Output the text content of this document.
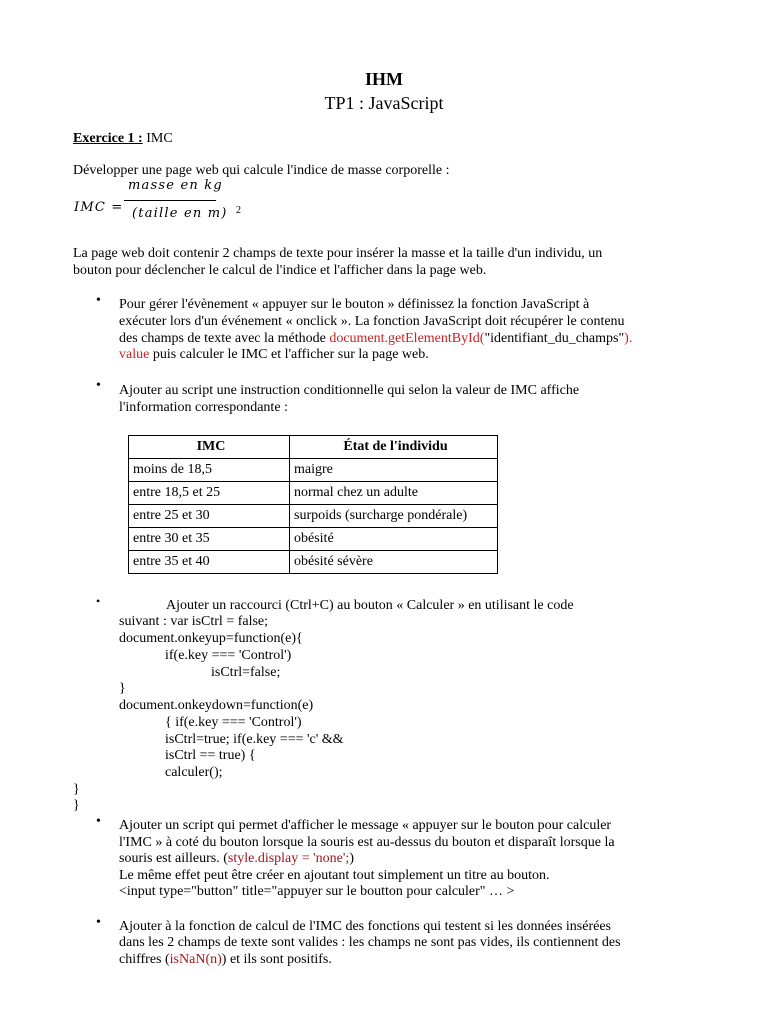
IHM
TP1 : JavaScript
Exercice 1 : IMC
Développer une page web qui calcule l'indice de masse corporelle :
IMC =
masse en kg
(taille en m) 2
La page web doit contenir 2 champs de texte pour insérer la masse et la taille d'un individu, un
bouton pour déclencher le calcul de l'indice et l'afficher dans la page web.
• Pour gérer l'évènement « appuyer sur le bouton » définissez la fonction JavaScript à
exécuter lors d'un événement « onclick ». La fonction JavaScript doit récupérer le contenu
des champs de texte avec la méthode document.getElementById("identifiant_du_champs").
value puis calculer le IMC et l'afficher sur la page web.
• Ajouter au script une instruction conditionnelle qui selon la valeur de IMC affiche
l'information correspondante :
IMC	État de l'individu
moins de 18,5	maigre
entre 18,5 et 25	normal chez un adulte
entre 25 et 30	surpoids (surcharge pondérale)
entre 30 et 35	obésité
entre 35 et 40	obésité sévère
•	Ajouter un raccourci (Ctrl+C) au bouton « Calculer » en utilisant le code
suivant : var isCtrl = false;
document.onkeyup=function(e){
if(e.key === 'Control')
isCtrl=false;
}
document.onkeydown=function(e)
{ if(e.key === 'Control')
isCtrl=true; if(e.key === 'c' &&
isCtrl == true) {
calculer();
}
}
• Ajouter un script qui permet d'afficher le message « appuyer sur le bouton pour calculer
l'IMC » à coté du bouton lorsque la souris est au-dessus du bouton et disparaît lorsque la
souris est ailleurs. (style.display = 'none';)
Le même effet peut être créer en ajoutant tout simplement un titre au bouton.
<input type="button" title="appuyer sur le boutton pour calculer" … >
• Ajouter à la fonction de calcul de l'IMC des fonctions qui testent si les données insérées
dans les 2 champs de texte sont valides : les champs ne sont pas vides, ils contiennent des
chiffres (isNaN(n)) et ils sont positifs.
